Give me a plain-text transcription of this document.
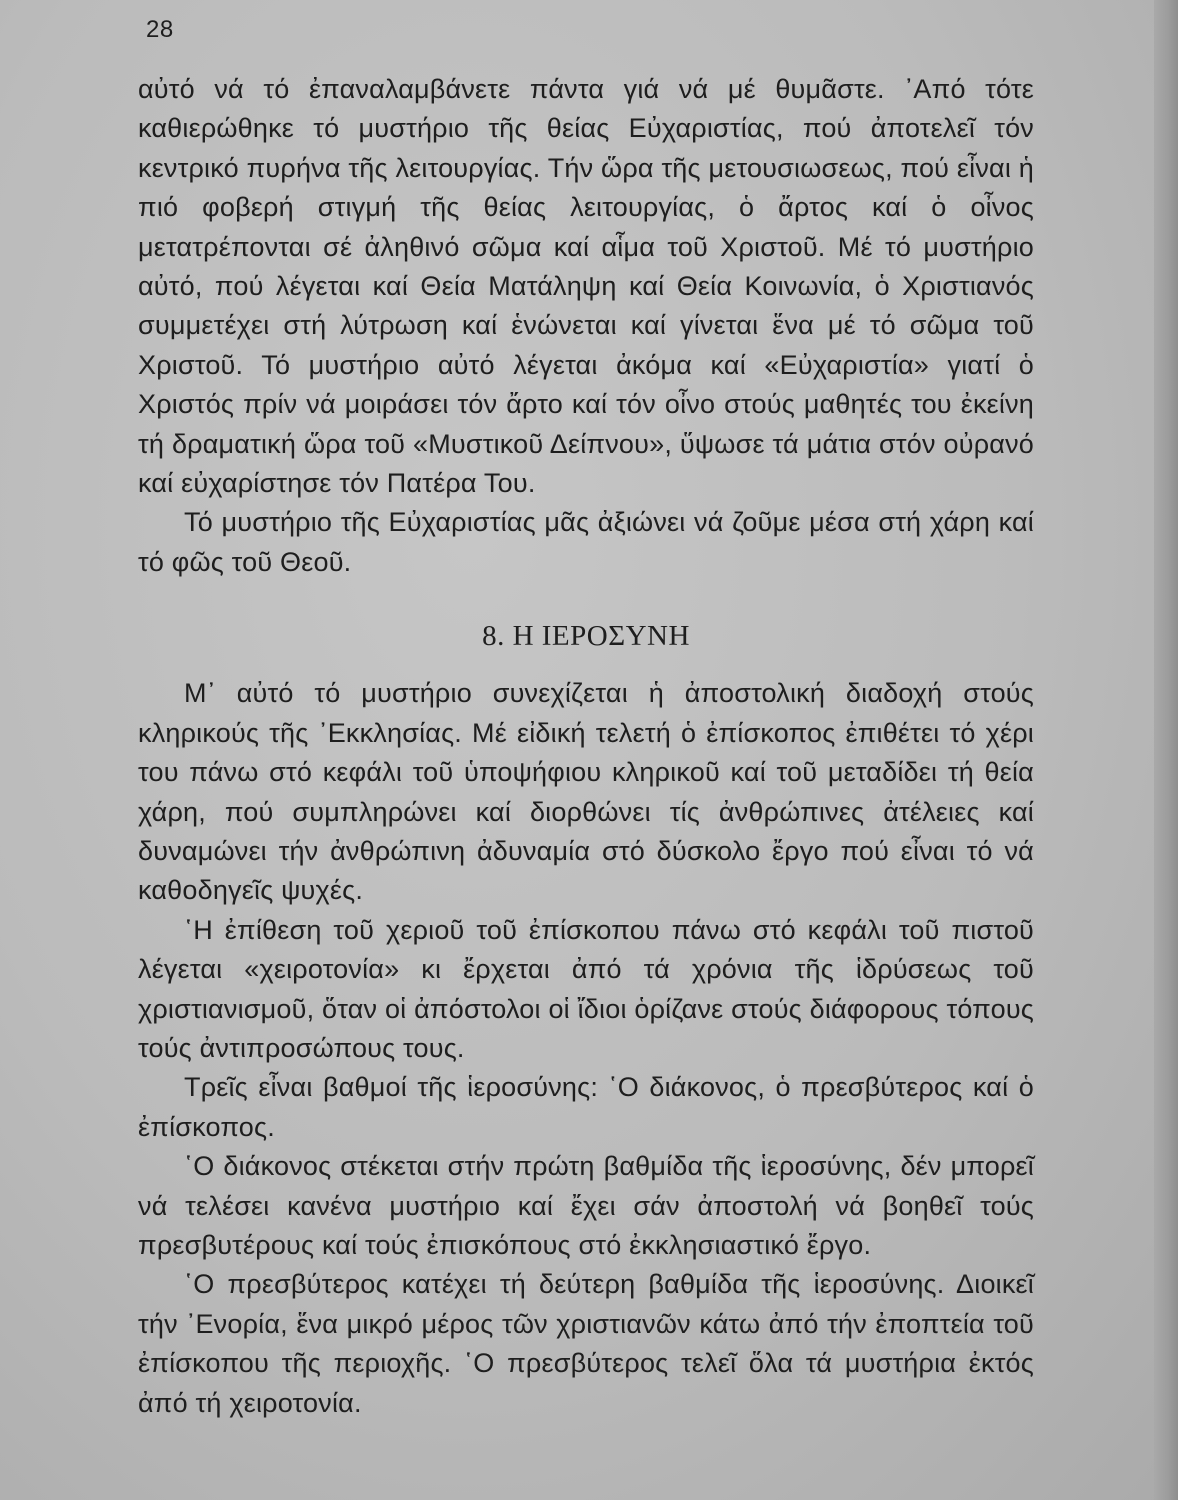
28

αὐτό νά τό ἐπαναλαμβάνετε πάντα γιά νά μέ θυμᾶστε. ᾽Από τότε καθιερώθηκε τό μυστήριο τῆς θείας Εὐχαριστίας, πού ἀποτελεῖ τόν κεντρικό πυρήνα τῆς λειτουργίας. Τήν ὥρα τῆς μετουσιωσεως, πού εἶναι ἡ πιό φοβερή στιγμή τῆς θείας λειτουργίας, ὁ ἄρτος καί ὁ οἶνος μετατρέπονται σέ ἀληθινό σῶμα καί αἷμα τοῦ Χριστοῦ. Μέ τό μυστήριο αὐτό, πού λέγεται καί Θεία Ματάληψη καί Θεία Κοινωνία, ὁ Χριστιανός συμμετέχει στή λύτρωση καί ἑνώνεται καί γίνεται ἕνα μέ τό σῶμα τοῦ Χριστοῦ. Τό μυστήριο αὐτό λέγεται ἀκόμα καί «Εὐχαριστία» γιατί ὁ Χριστός πρίν νά μοιράσει τόν ἄρτο καί τόν οἶνο στούς μαθητές του ἐκείνη τή δραματική ὥρα τοῦ «Μυστικοῦ Δείπνου», ὕψωσε τά μάτια στόν οὐρανό καί εὐχαρίστησε τόν Πατέρα Του.

Τό μυστήριο τῆς Εὐχαριστίας μᾶς ἀξιώνει νά ζοῦμε μέσα στή χάρη καί τό φῶς τοῦ Θεοῦ.

8. Η ΙΕΡΟΣΥΝΗ

Μ᾽ αὐτό τό μυστήριο συνεχίζεται ἡ ἀποστολική διαδοχή στούς κληρικούς τῆς ᾽Εκκλησίας. Μέ εἰδική τελετή ὁ ἐπίσκοπος ἐπιθέτει τό χέρι του πάνω στό κεφάλι τοῦ ὑποψήφιου κληρικοῦ καί τοῦ μεταδίδει τή θεία χάρη, πού συμπληρώνει καί διορθώνει τίς ἀνθρώπινες ἀτέλειες καί δυναμώνει τήν ἀνθρώπινη ἀδυναμία στό δύσκολο ἔργο πού εἶναι τό νά καθοδηγεῖς ψυχές.

῾Η ἐπίθεση τοῦ χεριοῦ τοῦ ἐπίσκοπου πάνω στό κεφάλι τοῦ πιστοῦ λέγεται «χειροτονία» κι ἔρχεται ἀπό τά χρόνια τῆς ἱδρύσεως τοῦ χριστιανισμοῦ, ὅταν οἱ ἀπόστολοι οἱ ἴδιοι ὁρίζανε στούς διάφορους τόπους τούς ἀντιπροσώπους τους.

Τρεῖς εἶναι βαθμοί τῆς ἱεροσύνης: ῾Ο διάκονος, ὁ πρεσβύτερος καί ὁ ἐπίσκοπος.

῾Ο διάκονος στέκεται στήν πρώτη βαθμίδα τῆς ἱεροσύνης, δέν μπορεῖ νά τελέσει κανένα μυστήριο καί ἔχει σάν ἀποστολή νά βοηθεῖ τούς πρεσβυτέρους καί τούς ἐπισκόπους στό ἐκκλησιαστικό ἔργο.

῾Ο πρεσβύτερος κατέχει τή δεύτερη βαθμίδα τῆς ἱεροσύνης. Διοικεῖ τήν ᾽Ενορία, ἕνα μικρό μέρος τῶν χριστιανῶν κάτω ἀπό τήν ἐποπτεία τοῦ ἐπίσκοπου τῆς περιοχῆς. ῾Ο πρεσβύτερος τελεῖ ὅλα τά μυστήρια ἐκτός ἀπό τή χειροτονία.
